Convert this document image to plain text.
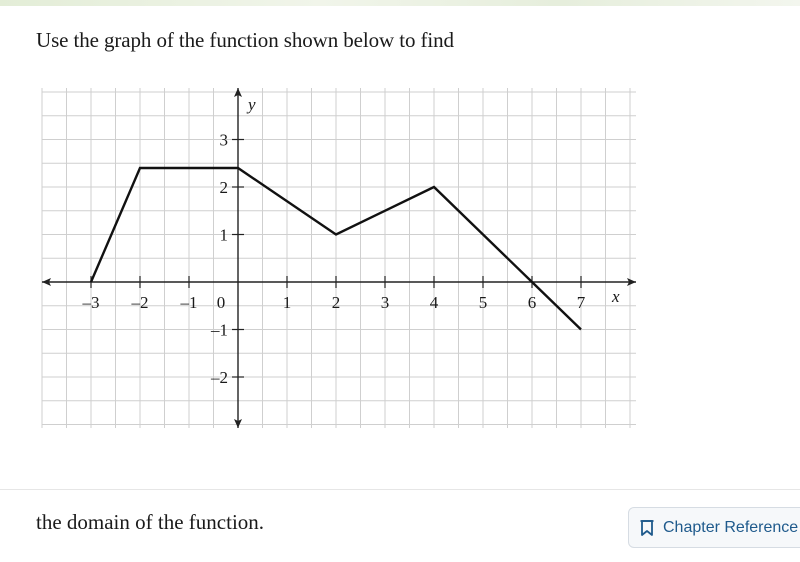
Use the graph of the function shown below to find
x
y
–3 –2 –1 0	1 2 3 4 5 6 7
3
2
1
–1
–2
the domain of the function.	Chapter Reference
